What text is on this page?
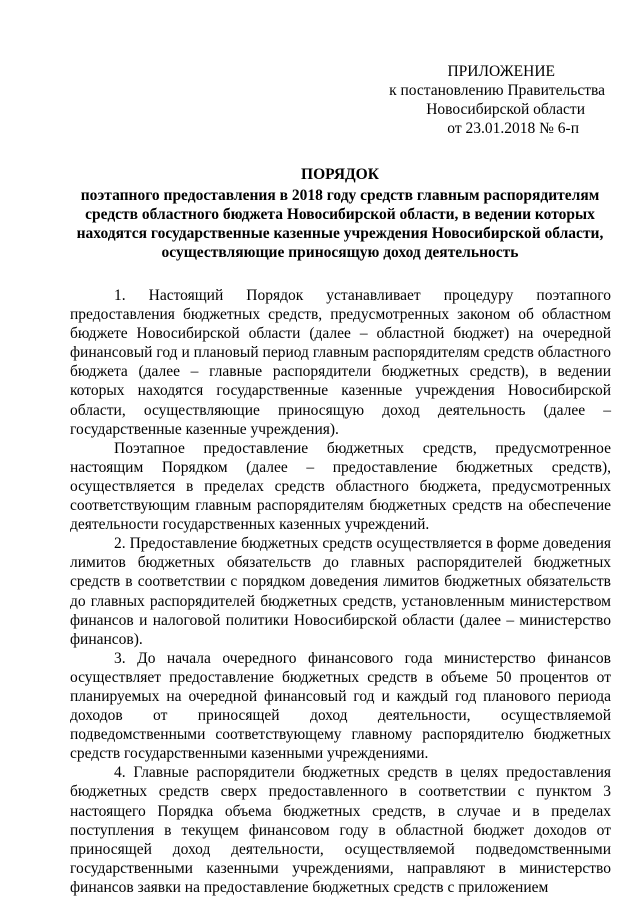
ПРИЛОЖЕНИЕ
к постановлению Правительства
Новосибирской области
от 23.01.2018 № 6-п
ПОРЯДОК
поэтапного предоставления в 2018 году средств главным распорядителям
средств областного бюджета Новосибирской области, в ведении которых
находятся государственные казенные учреждения Новосибирской области,
осуществляющие приносящую доход деятельность

1. Настоящий Порядок устанавливает процедуру поэтапного предоставления бюджетных средств, предусмотренных законом об областном бюджете Новосибирской области (далее – областной бюджет) на очередной финансовый год и плановый период главным распорядителям средств областного бюджета (далее – главные распорядители бюджетных средств), в ведении которых находятся государственные казенные учреждения Новосибирской области, осуществляющие приносящую доход деятельность (далее – государственные казенные учреждения).

Поэтапное предоставление бюджетных средств, предусмотренное настоящим Порядком (далее – предоставление бюджетных средств), осуществляется в пределах средств областного бюджета, предусмотренных соответствующим главным распорядителям бюджетных средств на обеспечение деятельности государственных казенных учреждений.

2. Предоставление бюджетных средств осуществляется в форме доведения лимитов бюджетных обязательств до главных распорядителей бюджетных средств в соответствии с порядком доведения лимитов бюджетных обязательств до главных распорядителей бюджетных средств, установленным министерством финансов и налоговой политики Новосибирской области (далее – министерство финансов).

3. До начала очередного финансового года министерство финансов осуществляет предоставление бюджетных средств в объеме 50 процентов от планируемых на очередной финансовый год и каждый год планового периода доходов от приносящей доход деятельности, осуществляемой подведомственными соответствующему главному распорядителю бюджетных средств государственными казенными учреждениями.

4. Главные распорядители бюджетных средств в целях предоставления бюджетных средств сверх предоставленного в соответствии с пунктом 3 настоящего Порядка объема бюджетных средств, в случае и в пределах поступления в текущем финансовом году в областной бюджет доходов от приносящей доход деятельности, осуществляемой подведомственными государственными казенными учреждениями, направляют в министерство финансов заявки на предоставление бюджетных средств с приложением
